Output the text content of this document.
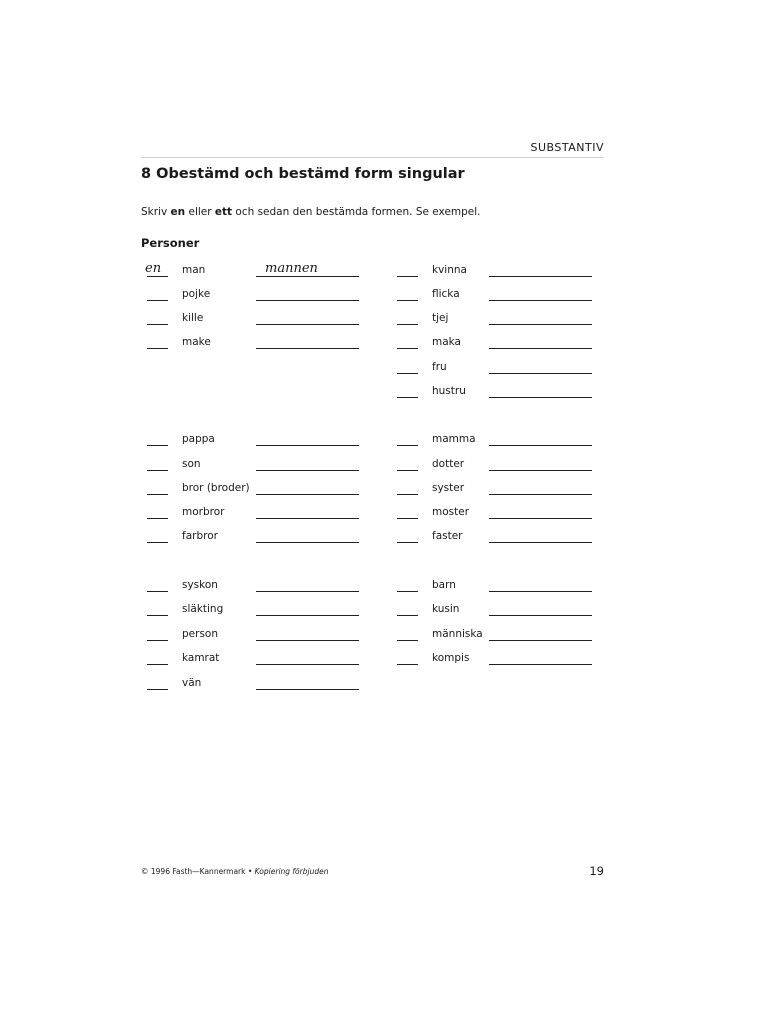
SUBSTANTIV
8 Obestämd och bestämd form singular

Skriv en eller ett och sedan den bestämda formen. Se exempel.

Personer
en man	mannen
pojke
kille
make
pappa
son
bror (broder)
morbror
farbror
syskon
släkting
person
kamrat
vän
kvinna
flicka
tjej
maka
fru
hustru
mamma
dotter
syster
moster
faster
barn
kusin
människa
kompis
© 1996 Fasth—Kannermark • Kopiering förbjuden	19
